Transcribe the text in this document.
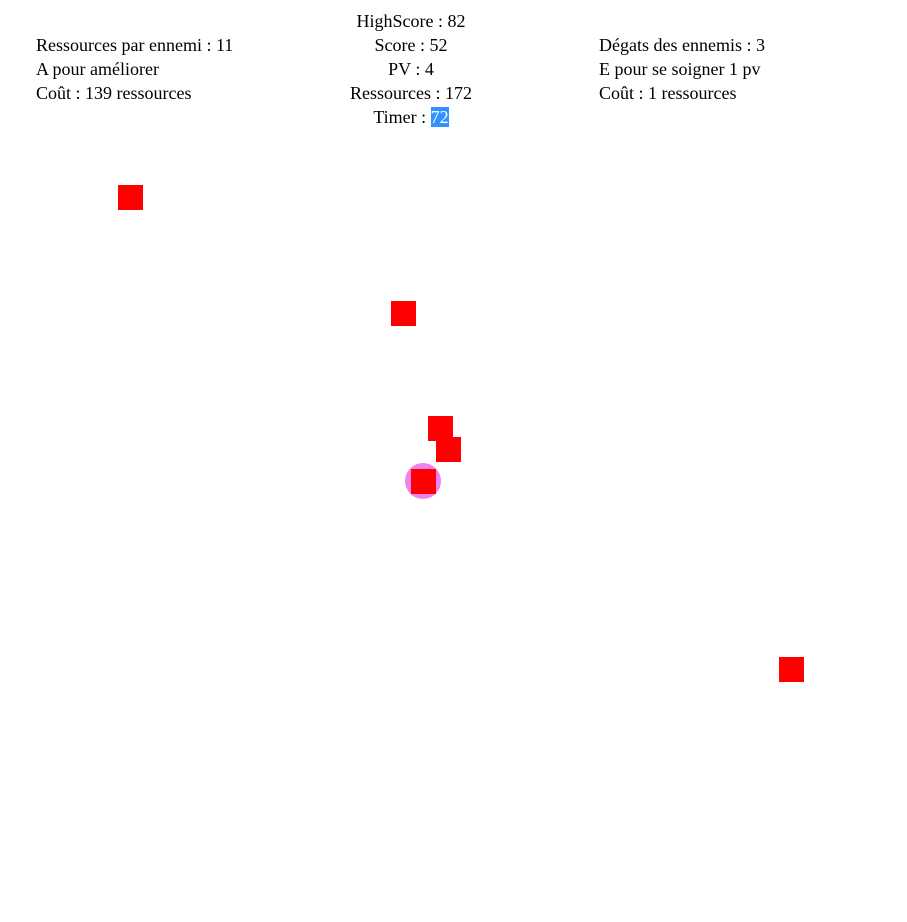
Ressources par ennemi : 11
A pour améliorer
Coût : 139 ressources
HighScore : 82
Score : 52
PV : 4
Ressources : 172
Timer : 72
Dégats des ennemis : 3
E pour se soigner 1 pv
Coût : 1 ressources
